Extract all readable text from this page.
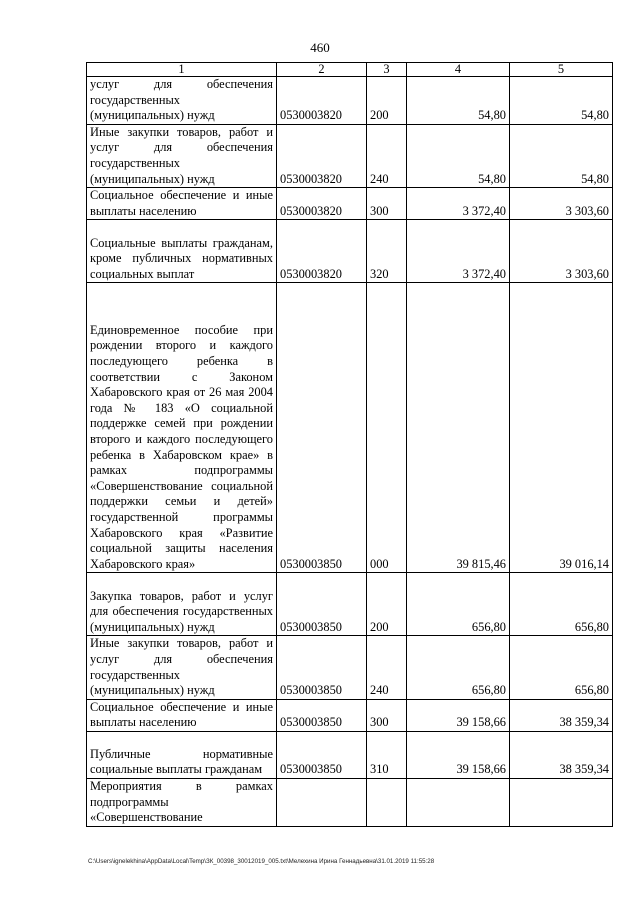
460
1	2	3	4	5
услуг для обеспечения государственных (муниципальных) нужд	0530003820	200	54,80	54,80
Иные закупки товаров, работ и услуг для обеспечения государственных (муниципальных) нужд	0530003820	240	54,80	54,80
Социальное обеспечение и иные выплаты населению	0530003820	300	3 372,40	3 303,60
Социальные выплаты гражданам, кроме публичных нормативных социальных выплат	0530003820	320	3 372,40	3 303,60
Единовременное пособие при рождении второго и каждого последующего ребенка в соответствии с Законом Хабаровского края от 26 мая 2004 года № 183 «О социальной поддержке семей при рождении второго и каждого последующего ребенка в Хабаровском крае» в рамках подпрограммы «Совершенствование социальной поддержки семьи и детей» государственной программы Хабаровского края «Развитие социальной защиты населения Хабаровского края»	0530003850	000	39 815,46	39 016,14
Закупка товаров, работ и услуг для обеспечения государственных (муниципальных) нужд	0530003850	200	656,80	656,80
Иные закупки товаров, работ и услуг для обеспечения государственных (муниципальных) нужд	0530003850	240	656,80	656,80
Социальное обеспечение и иные выплаты населению	0530003850	300	39 158,66	38 359,34
Публичные нормативные социальные выплаты гражданам	0530003850	310	39 158,66	38 359,34
Мероприятия в рамках подпрограммы «Совершенствование				
C:\Users\ignelekhina\AppData\Local\Temp\ЗК_00398_30012019_005.txt\Мелехина Ирина Геннадьевна\31.01.2019 11:55:28
